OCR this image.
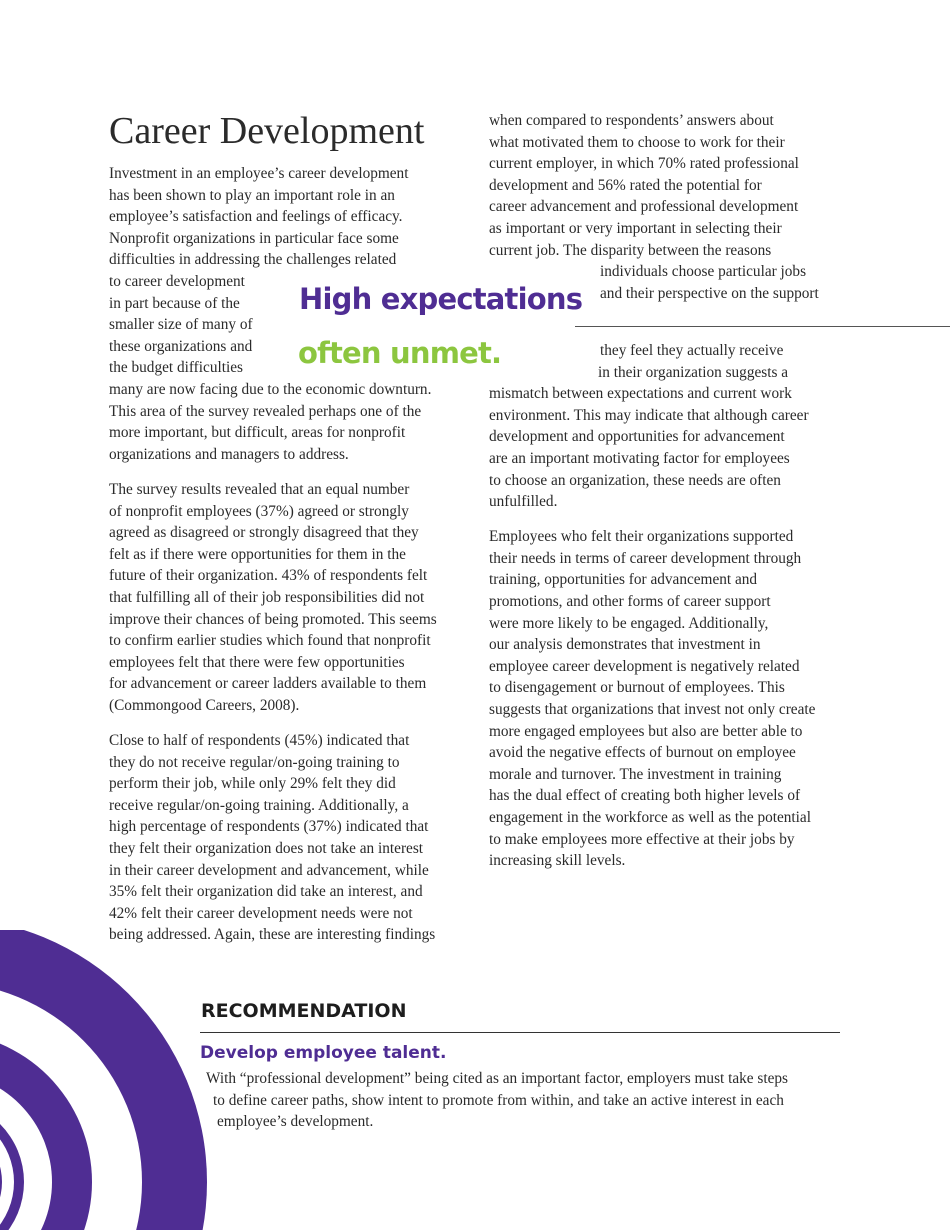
Career Development
Investment in an employee’s career development
has been shown to play an important role in an
employee’s satisfaction and feelings of efficacy.
Nonprofit organizations in particular face some
difficulties in addressing the challenges related
to career development
in part because of the
smaller size of many of
these organizations and
the budget difficulties
many are now facing due to the economic downturn.
This area of the survey revealed perhaps one of the
more important, but difficult, areas for nonprofit
organizations and managers to address.
The survey results revealed that an equal number
of nonprofit employees (37%) agreed or strongly
agreed as disagreed or strongly disagreed that they
felt as if there were opportunities for them in the
future of their organization. 43% of respondents felt
that fulfilling all of their job responsibilities did not
improve their chances of being promoted. This seems
to confirm earlier studies which found that nonprofit
employees felt that there were few opportunities
for advancement or career ladders available to them
(Commongood Careers, 2008).
Close to half of respondents (45%) indicated that
they do not receive regular/on-going training to
perform their job, while only 29% felt they did
receive regular/on-going training. Additionally, a
high percentage of respondents (37%) indicated that
they felt their organization does not take an interest
in their career development and advancement, while
35% felt their organization did take an interest, and
42% felt their career development needs were not
being addressed. Again, these are interesting findings
when compared to respondents’ answers about
what motivated them to choose to work for their
current employer, in which 70% rated professional
development and 56% rated the potential for
career advancement and professional development
as important or very important in selecting their
current job. The disparity between the reasons
individuals choose particular jobs
and their perspective on the support
they feel they actually receive
in their organization suggests a
mismatch between expectations and current work
environment. This may indicate that although career
development and opportunities for advancement
are an important motivating factor for employees
to choose an organization, these needs are often
unfulfilled.
Employees who felt their organizations supported
their needs in terms of career development through
training, opportunities for advancement and
promotions, and other forms of career support
were more likely to be engaged. Additionally,
our analysis demonstrates that investment in
employee career development is negatively related
to disengagement or burnout of employees. This
suggests that organizations that invest not only create
more engaged employees but also are better able to
avoid the negative effects of burnout on employee
morale and turnover. The investment in training
has the dual effect of creating both higher levels of
engagement in the workforce as well as the potential
to make employees more effective at their jobs by
increasing skill levels.
High expectations
often unmet.
RECOMMENDATION
Develop employee talent.
With “professional development” being cited as an important factor, employers must take steps
to define career paths, show intent to promote from within, and take an active interest in each
employee’s development.
